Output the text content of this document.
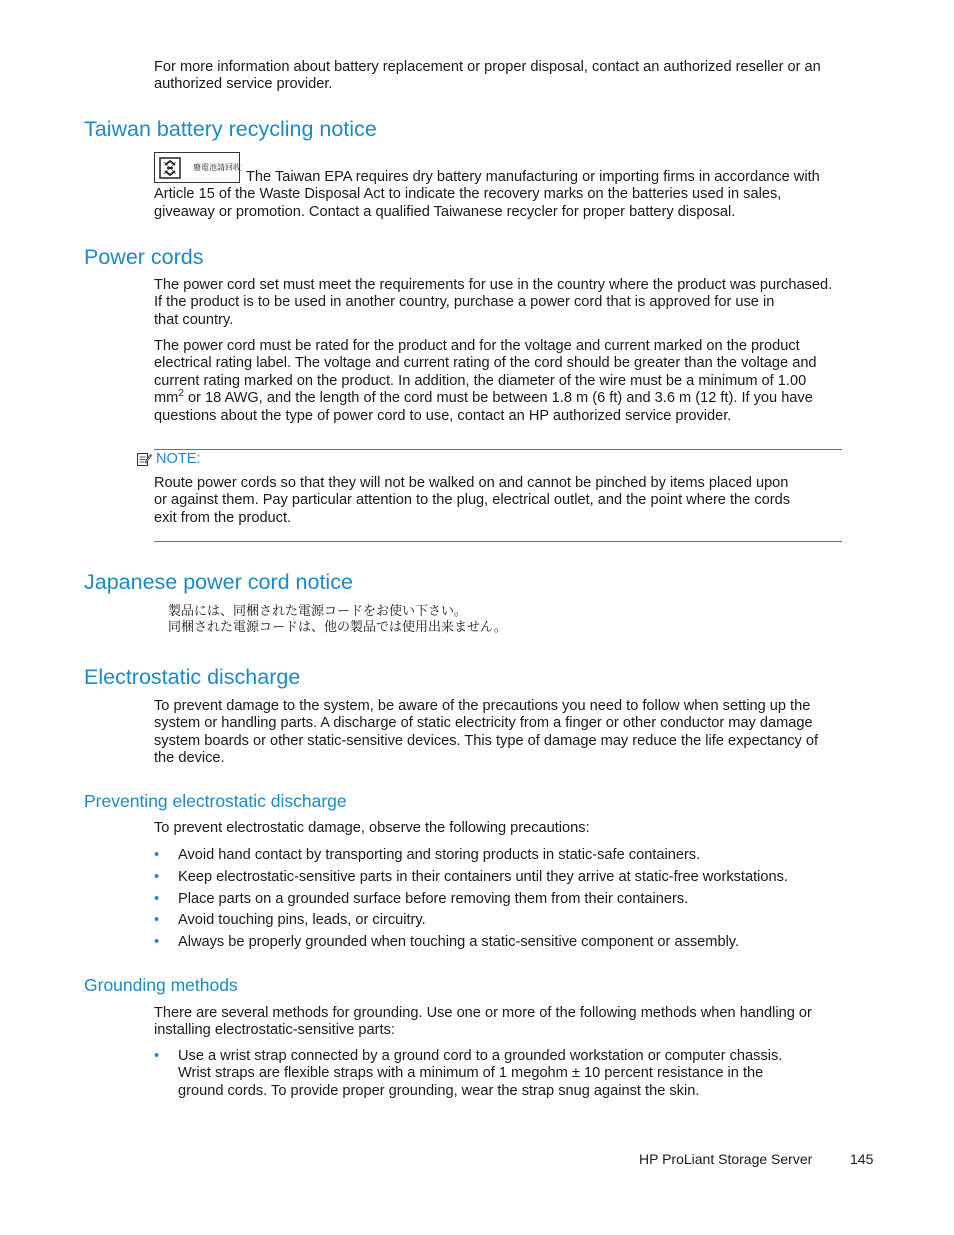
For more information about battery replacement or proper disposal, contact an authorized reseller or an
authorized service provider.

Taiwan battery recycling notice
廢電池請回收

The Taiwan EPA requires dry battery manufacturing or importing firms in accordance with
Article 15 of the Waste Disposal Act to indicate the recovery marks on the batteries used in sales,
giveaway or promotion. Contact a qualified Taiwanese recycler for proper battery disposal.

Power cords

The power cord set must meet the requirements for use in the country where the product was purchased.
If the product is to be used in another country, purchase a power cord that is approved for use in
that country.

The power cord must be rated for the product and for the voltage and current marked on the product
electrical rating label. The voltage and current rating of the cord should be greater than the voltage and
current rating marked on the product. In addition, the diameter of the wire must be a minimum of 1.00
$mm^2$ or 18 AWG, and the length of the cord must be between 1.8 m (6 ft) and 3.6 m (12 ft). If you have
questions about the type of power cord to use, contact an HP authorized service provider.

NOTE:

Route power cords so that they will not be walked on and cannot be pinched by items placed upon
or against them. Pay particular attention to the plug, electrical outlet, and the point where the cords
exit from the product.

Japanese power cord notice

製品には、同梱された電源コードをお使い下さい。
同梱された電源コードは、他の製品では使用出来ません。

Electrostatic discharge

To prevent damage to the system, be aware of the precautions you need to follow when setting up the
system or handling parts. A discharge of static electricity from a finger or other conductor may damage
system boards or other static-sensitive devices. This type of damage may reduce the life expectancy of
the device.

Preventing electrostatic discharge

To prevent electrostatic damage, observe the following precautions:

• Avoid hand contact by transporting and storing products in static-safe containers.
• Keep electrostatic-sensitive parts in their containers until they arrive at static-free workstations.
• Place parts on a grounded surface before removing them from their containers.
• Avoid touching pins, leads, or circuitry.
• Always be properly grounded when touching a static-sensitive component or assembly.
Grounding methods

There are several methods for grounding. Use one or more of the following methods when handling or
installing electrostatic-sensitive parts:

• Use a wrist strap connected by a ground cord to a grounded workstation or computer chassis.
Wrist straps are flexible straps with a minimum of 1 megohm ± 10 percent resistance in the
ground cords. To provide proper grounding, wear the strap snug against the skin.
HP ProLiant Storage Server	145
